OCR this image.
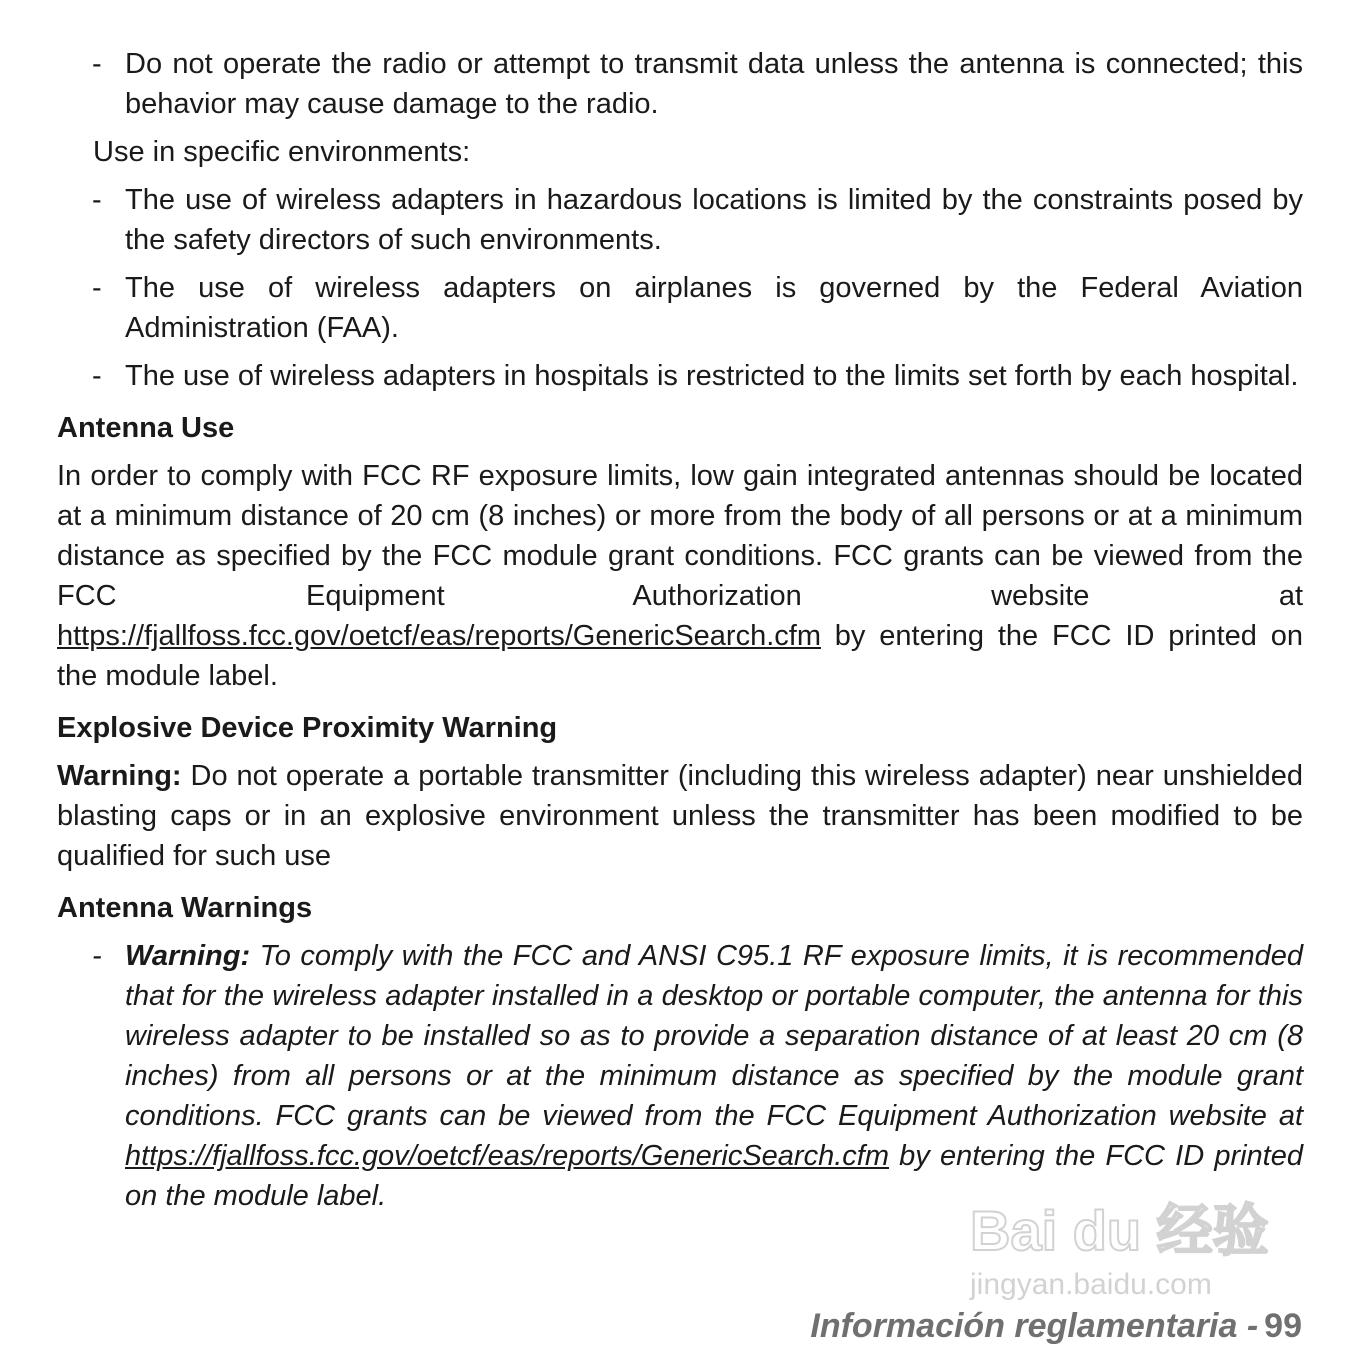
- Do not operate the radio or attempt to transmit data unless the antenna is connected; this behavior may cause damage to the radio.
Use in specific environments:
- The use of wireless adapters in hazardous locations is limited by the constraints posed by the safety directors of such environments.
- The use of wireless adapters on airplanes is governed by the Federal Aviation Administration (FAA).
- The use of wireless adapters in hospitals is restricted to the limits set forth by each hospital.
Antenna Use

In order to comply with FCC RF exposure limits, low gain integrated antennas should be located at a minimum distance of 20 cm (8 inches) or more from the body of all persons or at a minimum distance as specified by the FCC module grant conditions. FCC grants can be viewed from the FCC Equipment Authorization website at https://fjallfoss.fcc.gov/oetcf/eas/reports/GenericSearch.cfm by entering the FCC ID printed on the module label.

Explosive Device Proximity Warning

Warning: Do not operate a portable transmitter (including this wireless adapter) near unshielded blasting caps or in an explosive environment unless the transmitter has been modified to be qualified for such use

Antenna Warnings
- Warning: To comply with the FCC and ANSI C95.1 RF exposure limits, it is recommended that for the wireless adapter installed in a desktop or portable computer, the antenna for this wireless adapter to be installed so as to provide a separation distance of at least 20 cm (8 inches) from all persons or at the minimum distance as specified by the module grant conditions. FCC grants can be viewed from the FCC Equipment Authorization website at https://fjallfoss.fcc.gov/oetcf/eas/reports/GenericSearch.cfm by entering the FCC ID printed on the module label.
Bai du 经验
jingyan.baidu.com
Información reglamentaria - 99
